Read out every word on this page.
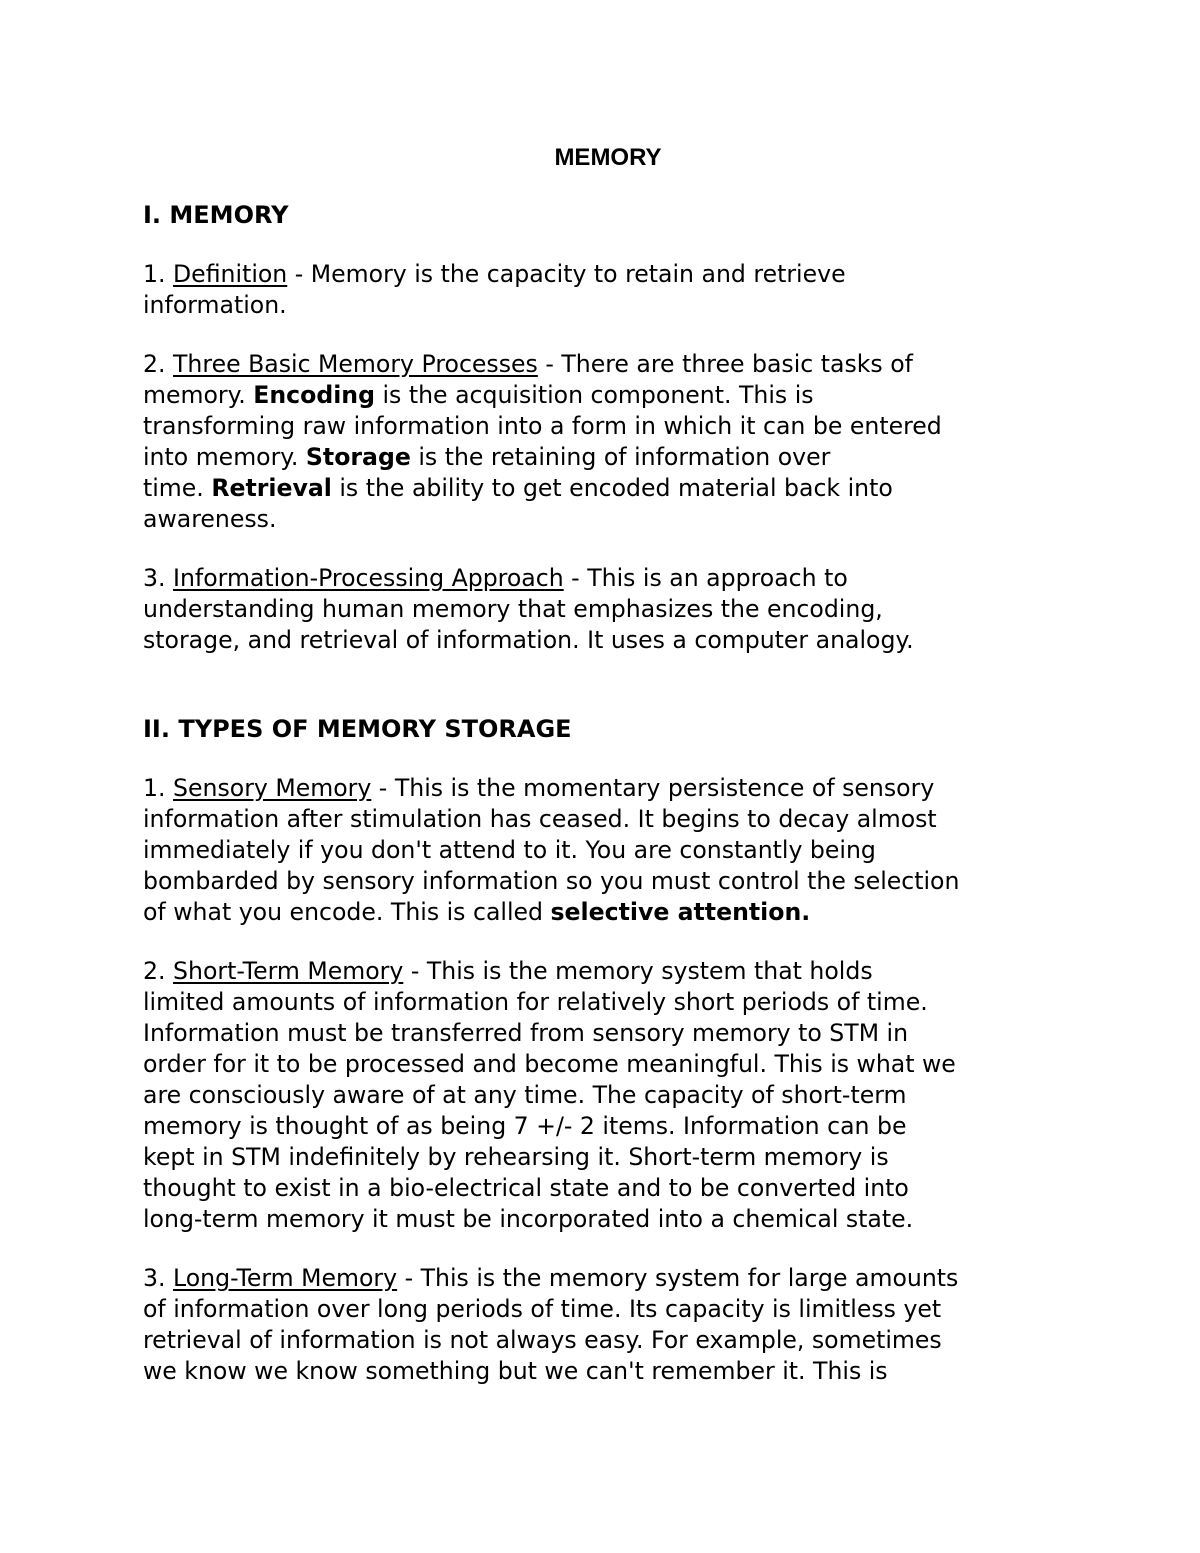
MEMORY
I. MEMORY

1. Definition - Memory is the capacity to retain and retrieve
information.

2. Three Basic Memory Processes - There are three basic tasks of
memory. Encoding is the acquisition component. This is
transforming raw information into a form in which it can be entered
into memory. Storage is the retaining of information over
time. Retrieval is the ability to get encoded material back into
awareness.

3. Information-Processing Approach - This is an approach to
understanding human memory that emphasizes the encoding,
storage, and retrieval of information. It uses a computer analogy.

II. TYPES OF MEMORY STORAGE

1. Sensory Memory - This is the momentary persistence of sensory
information after stimulation has ceased. It begins to decay almost
immediately if you don't attend to it. You are constantly being
bombarded by sensory information so you must control the selection
of what you encode. This is called selective attention.

2. Short-Term Memory - This is the memory system that holds
limited amounts of information for relatively short periods of time.
Information must be transferred from sensory memory to STM in
order for it to be processed and become meaningful. This is what we
are consciously aware of at any time. The capacity of short-term
memory is thought of as being 7 +/- 2 items. Information can be
kept in STM indefinitely by rehearsing it. Short-term memory is
thought to exist in a bio-electrical state and to be converted into
long-term memory it must be incorporated into a chemical state.

3. Long-Term Memory - This is the memory system for large amounts
of information over long periods of time. Its capacity is limitless yet
retrieval of information is not always easy. For example, sometimes
we know we know something but we can't remember it. This is
